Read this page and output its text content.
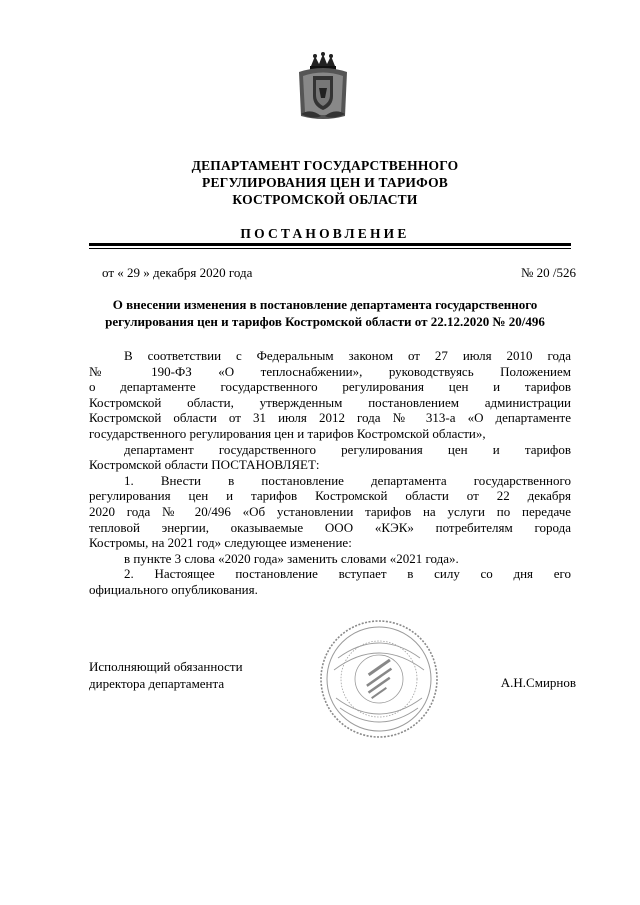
ДЕПАРТАМЕНТ ГОСУДАРСТВЕННОГО
РЕГУЛИРОВАНИЯ ЦЕН И ТАРИФОВ
КОСТРОМСКОЙ ОБЛАСТИ
ПОСТАНОВЛЕНИЕ
от « 29 » декабря 2020 года	№ 20 /526
О внесении изменения в постановление департамента государственного
регулирования цен и тарифов Костромской области от 22.12.2020 № 20/496
В соответствии с Федеральным законом от 27 июля 2010 года
№ 190-ФЗ «О теплоснабжении», руководствуясь Положением
о департаменте государственного регулирования цен и тарифов
Костромской области, утвержденным постановлением администрации
Костромской области от 31 июля 2012 года № 313-а «О департаменте
государственного регулирования цен и тарифов Костромской области»,
департамент государственного регулирования цен и тарифов
Костромской области ПОСТАНОВЛЯЕТ:
1. Внести в постановление департамента государственного
регулирования цен и тарифов Костромской области от 22 декабря
2020 года № 20/496 «Об установлении тарифов на услуги по передаче
тепловой энергии, оказываемые ООО «КЭК» потребителям города
Костромы, на 2021 год» следующее изменение:
в пункте 3 слова «2020 года» заменить словами «2021 года».
2. Настоящее постановление вступает в силу со дня его
официального опубликования.
Исполняющий обязанности
директора департамента	А.Н.Смирнов
